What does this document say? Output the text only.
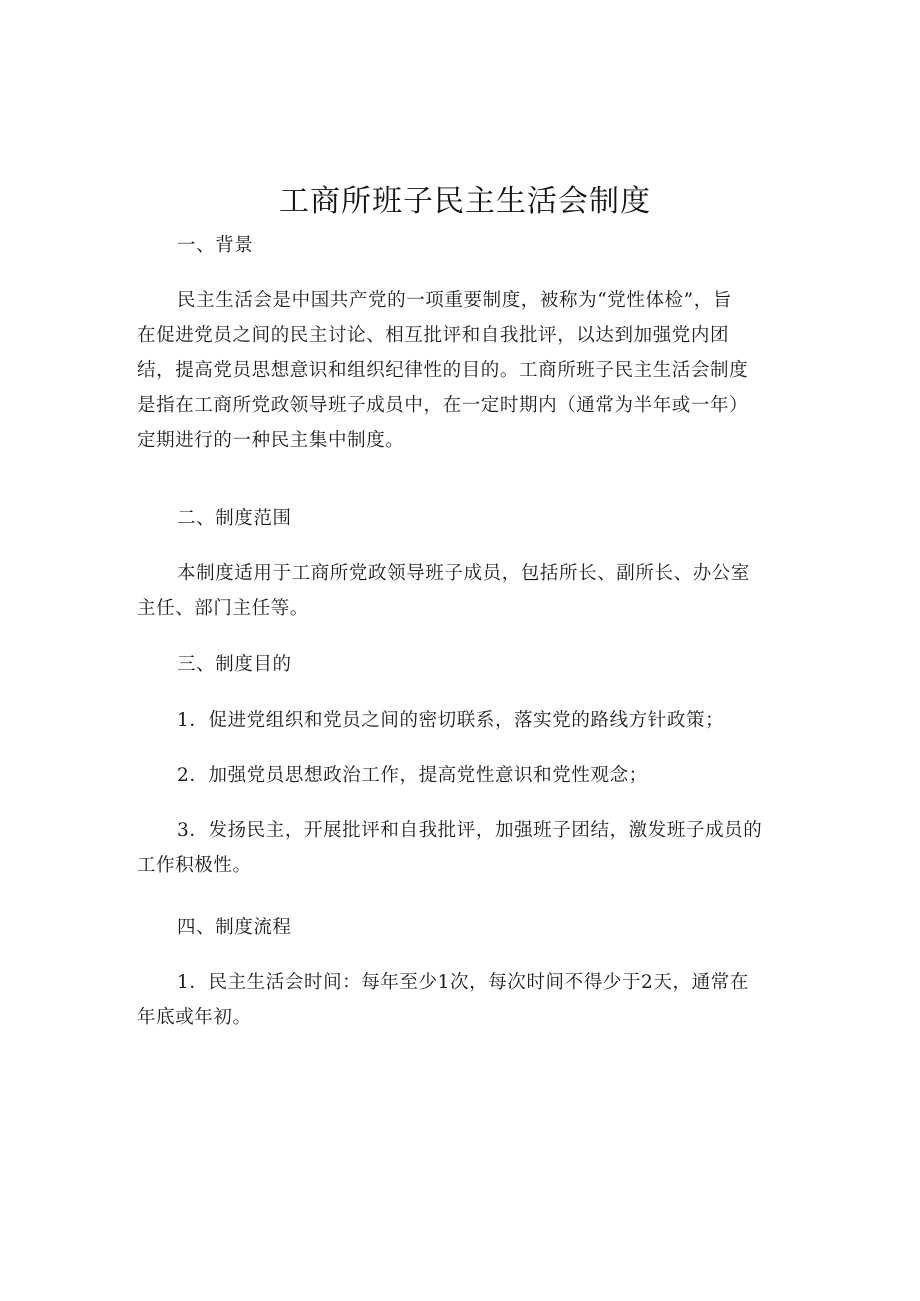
工商所班子民主生活会制度
一、背景
民主生活会是中国共产党的一项重要制度，被称为“党性体检”，旨
在促进党员之间的民主讨论、相互批评和自我批评，以达到加强党内团
结，提高党员思想意识和组织纪律性的目的。工商所班子民主生活会制度
是指在工商所党政领导班子成员中，在一定时期内（通常为半年或一年）
定期进行的一种民主集中制度。
二、制度范围
本制度适用于工商所党政领导班子成员，包括所长、副所长、办公室
主任、部门主任等。
三、制度目的
1．促进党组织和党员之间的密切联系，落实党的路线方针政策；
2．加强党员思想政治工作，提高党性意识和党性观念；
3．发扬民主，开展批评和自我批评，加强班子团结，激发班子成员的
工作积极性。
四、制度流程
1．民主生活会时间：每年至少1次，每次时间不得少于2天，通常在
年底或年初。
